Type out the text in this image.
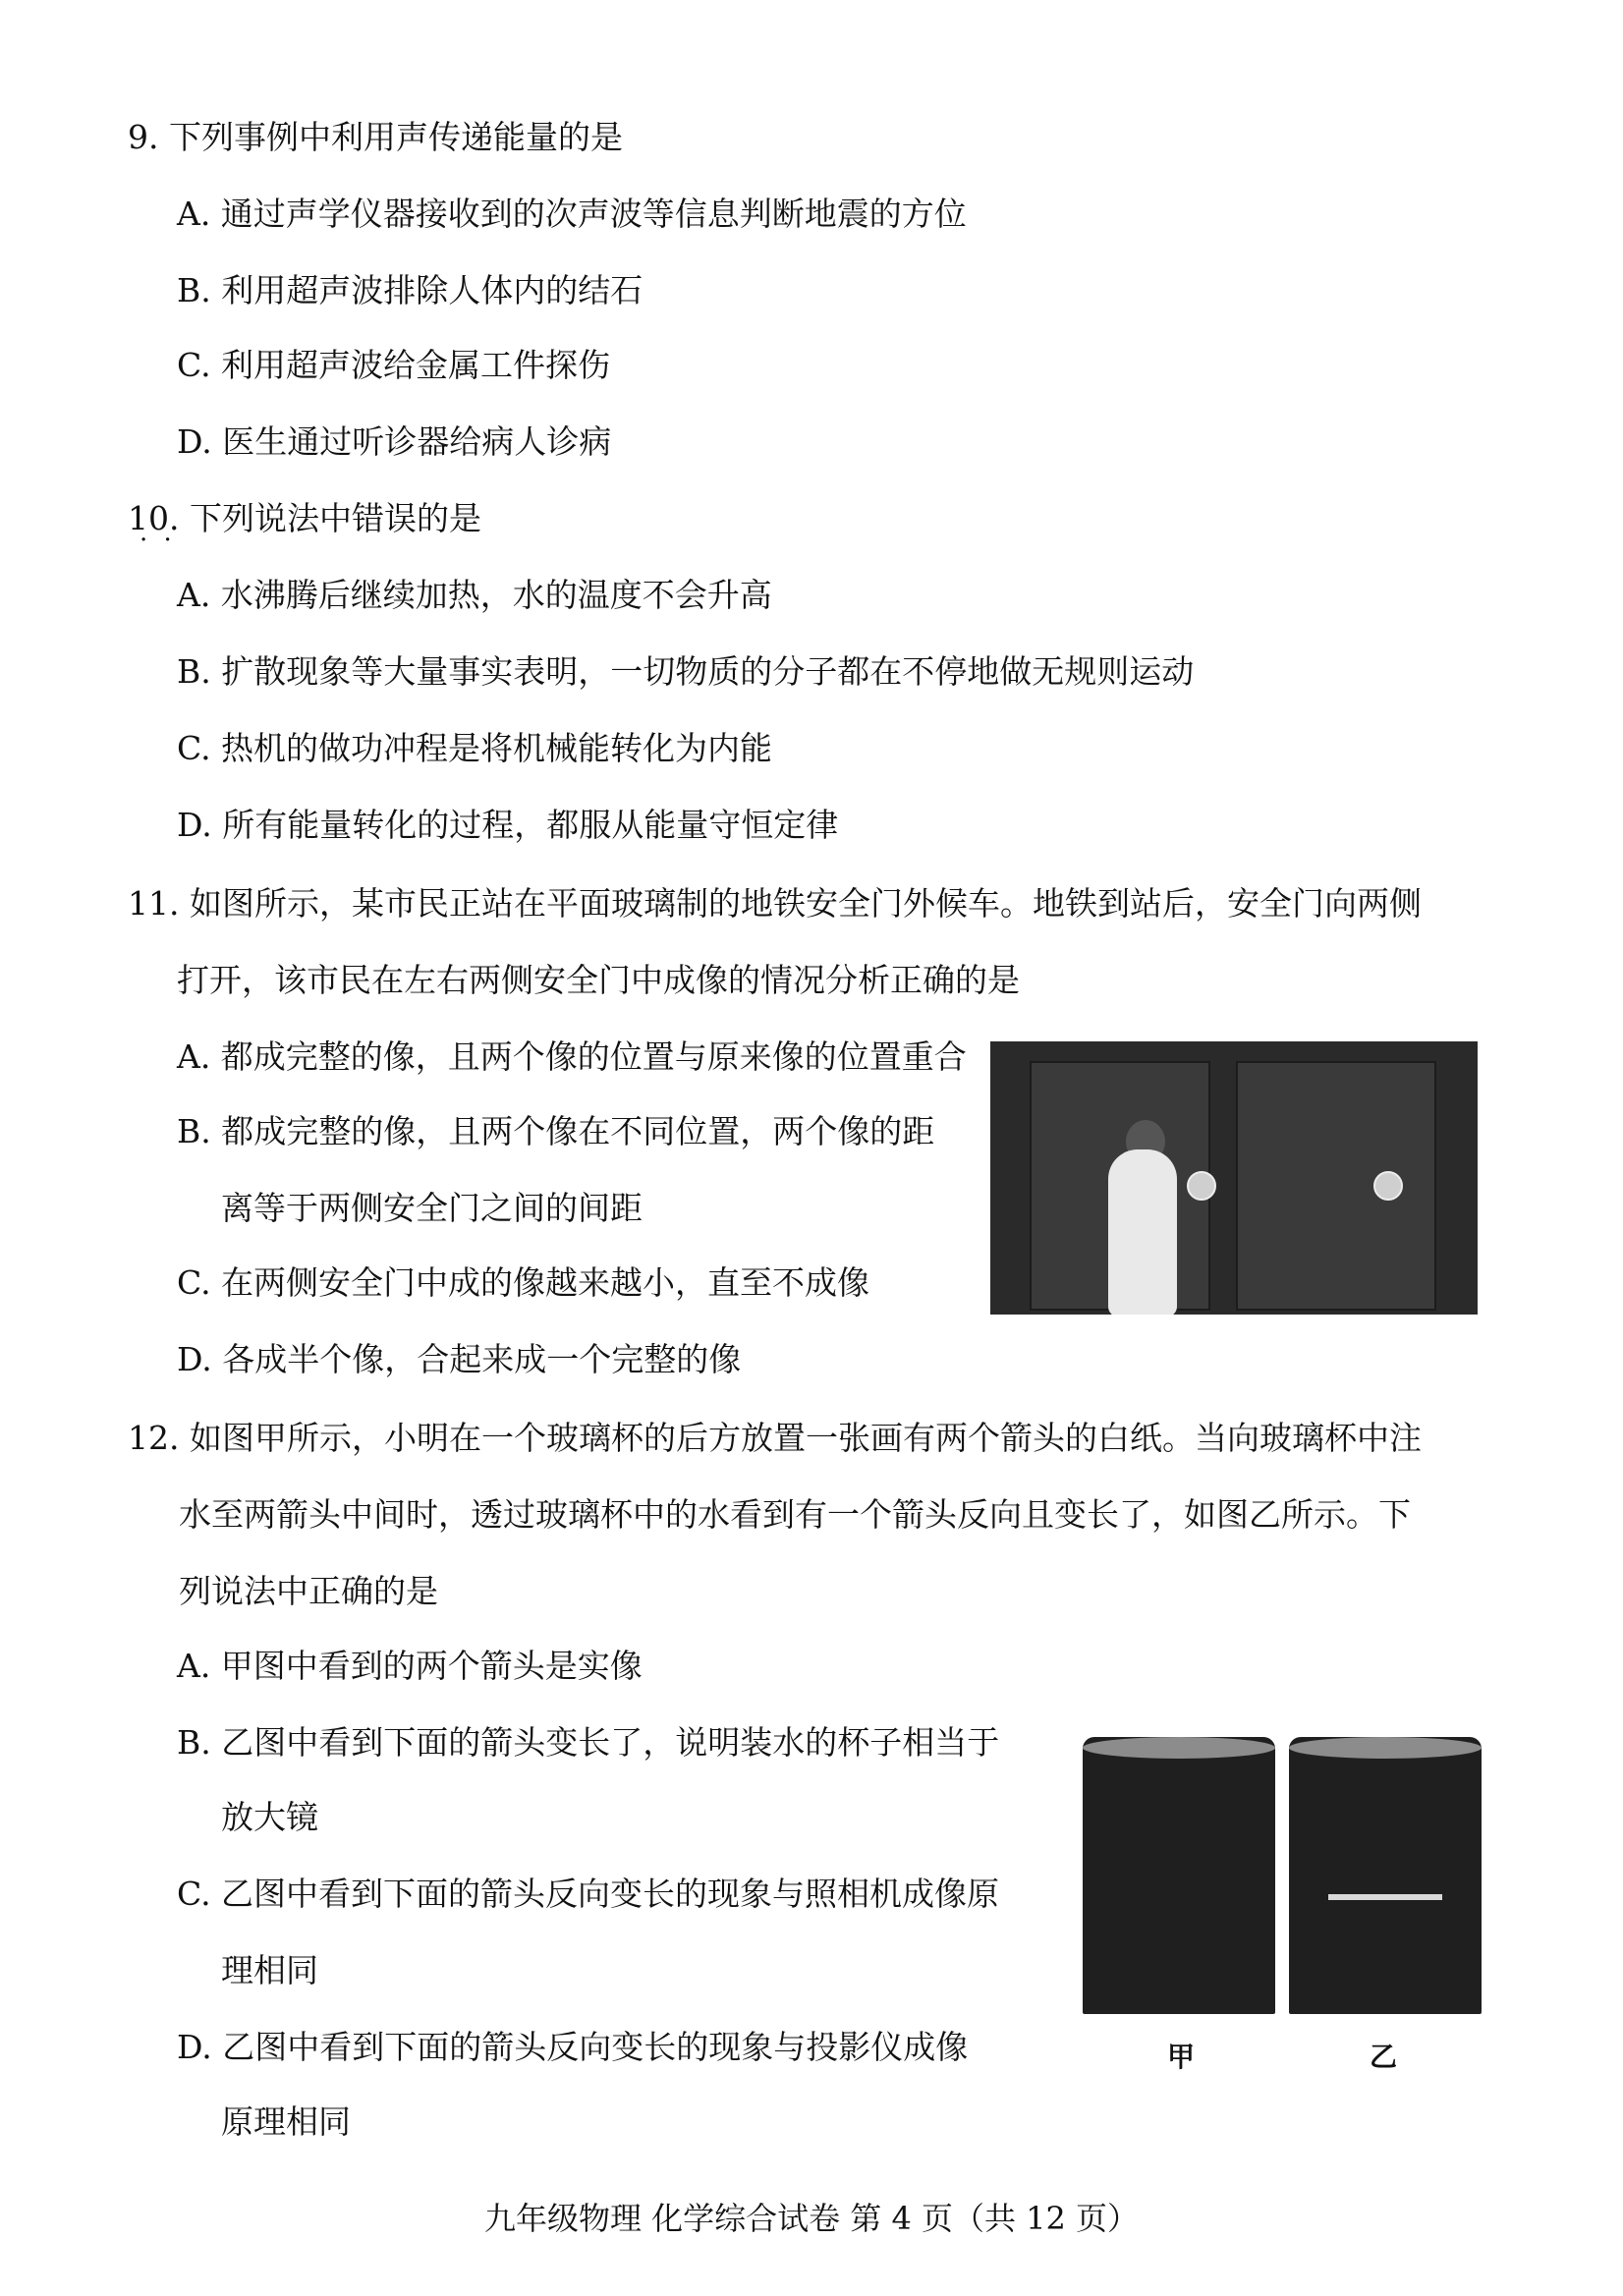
9. 下列事例中利用声传递能量的是
A. 通过声学仪器接收到的次声波等信息判断地震的方位
B. 利用超声波排除人体内的结石
C. 利用超声波给金属工件探伤
D. 医生通过听诊器给病人诊病
10. 下列说法中错误的是 · ·
A. 水沸腾后继续加热，水的温度不会升高
B. 扩散现象等大量事实表明，一切物质的分子都在不停地做无规则运动
C. 热机的做功冲程是将机械能转化为内能
D. 所有能量转化的过程，都服从能量守恒定律
11. 如图所示，某市民正站在平面玻璃制的地铁安全门外候车。地铁到站后，安全门向两侧
打开，该市民在左右两侧安全门中成像的情况分析正确的是
A. 都成完整的像，且两个像的位置与原来像的位置重合
B. 都成完整的像，且两个像在不同位置，两个像的距
离等于两侧安全门之间的间距
C. 在两侧安全门中成的像越来越小，直至不成像
D. 各成半个像，合起来成一个完整的像
12. 如图甲所示，小明在一个玻璃杯的后方放置一张画有两个箭头的白纸。当向玻璃杯中注
水至两箭头中间时，透过玻璃杯中的水看到有一个箭头反向且变长了，如图乙所示。下
列说法中正确的是
A. 甲图中看到的两个箭头是实像
B. 乙图中看到下面的箭头变长了，说明装水的杯子相当于
放大镜
C. 乙图中看到下面的箭头反向变长的现象与照相机成像原
理相同
D. 乙图中看到下面的箭头反向变长的现象与投影仪成像
原理相同
甲	乙
九年级物理 化学综合试卷 第 4 页（共 12 页）
